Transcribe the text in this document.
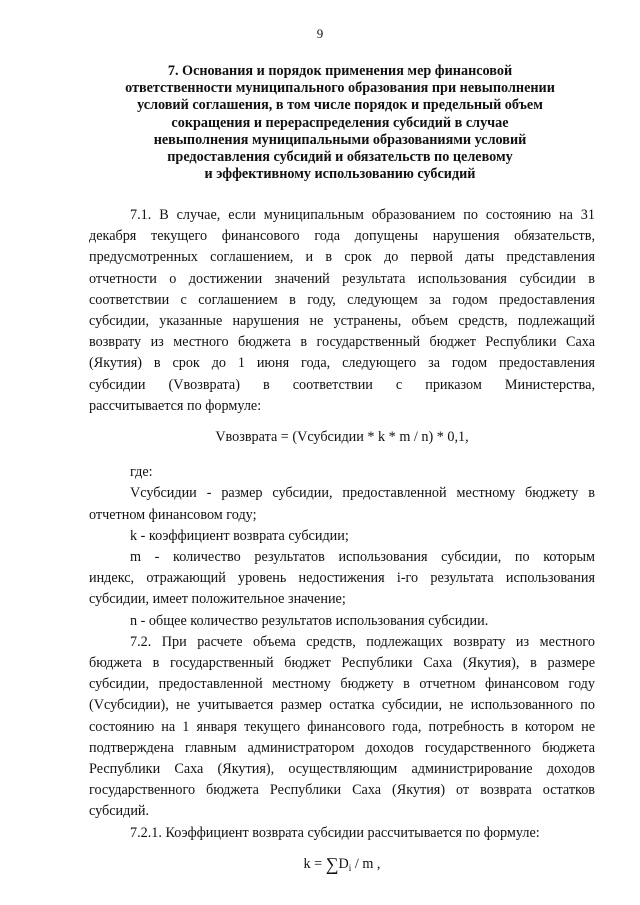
9
7. Основания и порядок применения мер финансовой
ответственности муниципального образования при невыполнении
условий соглашения, в том числе порядок и предельный объем
сокращения и перераспределения субсидий в случае
невыполнения муниципальными образованиями условий
предоставления субсидий и обязательств по целевому
и эффективному использованию субсидий
7.1. В случае, если муниципальным образованием по состоянию на 31
декабря текущего финансового года допущены нарушения обязательств,
предусмотренных соглашением, и в срок до первой даты представления
отчетности о достижении значений результата использования субсидии в
соответствии с соглашением в году, следующем за годом предоставления
субсидии, указанные нарушения не устранены, объем средств, подлежащий
возврату из местного бюджета в государственный бюджет Республики Саха
(Якутия) в срок до 1 июня года, следующего за годом предоставления
субсидии (Vвозврата) в соответствии с приказом Министерства,
рассчитывается по формуле:
Vвозврата = (Vсубсидии * k * m / n) * 0,1,
где:
Vсубсидии - размер субсидии, предоставленной местному бюджету в
отчетном финансовом году;
k - коэффициент возврата субсидии;
m - количество результатов использования субсидии, по которым
индекс, отражающий уровень недостижения i-го результата использования
субсидии, имеет положительное значение;
n - общее количество результатов использования субсидии.
7.2. При расчете объема средств, подлежащих возврату из местного
бюджета в государственный бюджет Республики Саха (Якутия), в размере
субсидии, предоставленной местному бюджету в отчетном финансовом году
(Vсубсидии), не учитывается размер остатка субсидии, не использованного по
состоянию на 1 января текущего финансового года, потребность в котором не
подтверждена главным администратором доходов государственного бюджета
Республики Саха (Якутия), осуществляющим администрирование доходов
государственного бюджета Республики Саха (Якутия) от возврата остатков
субсидий.
7.2.1. Коэффициент возврата субсидии рассчитывается по формуле:
$k = \sum D_i / m$ ,
